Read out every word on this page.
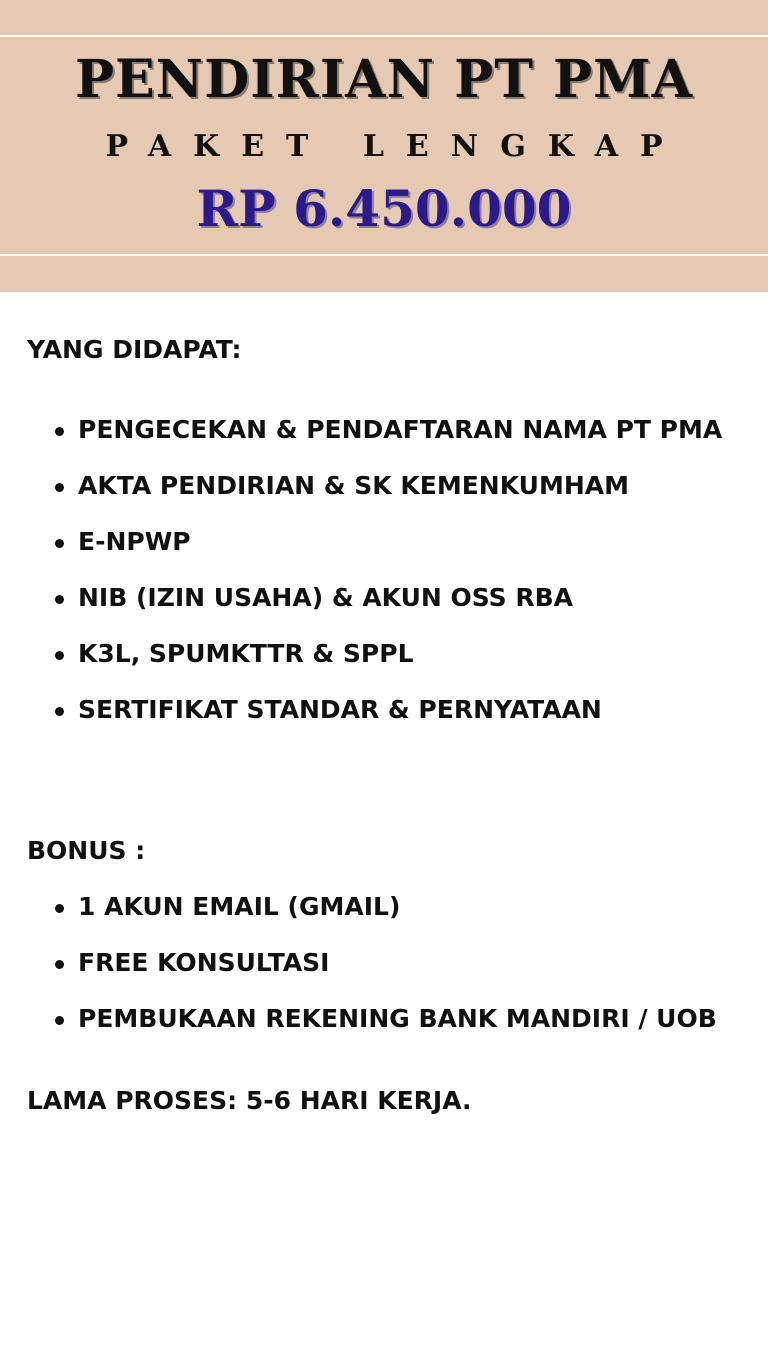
PENDIRIAN PT PMA
PAKET LENGKAP
RP 6.450.000
YANG DIDAPAT:
PENGECEKAN & PENDAFTARAN NAMA PT PMA
AKTA PENDIRIAN & SK KEMENKUMHAM
E-NPWP
NIB (IZIN USAHA) & AKUN OSS RBA
K3L, SPUMKTTR & SPPL
SERTIFIKAT STANDAR & PERNYATAAN
BONUS :
1 AKUN EMAIL (GMAIL)
FREE KONSULTASI
PEMBUKAAN REKENING BANK MANDIRI / UOB
LAMA PROSES: 5-6 HARI KERJA.
